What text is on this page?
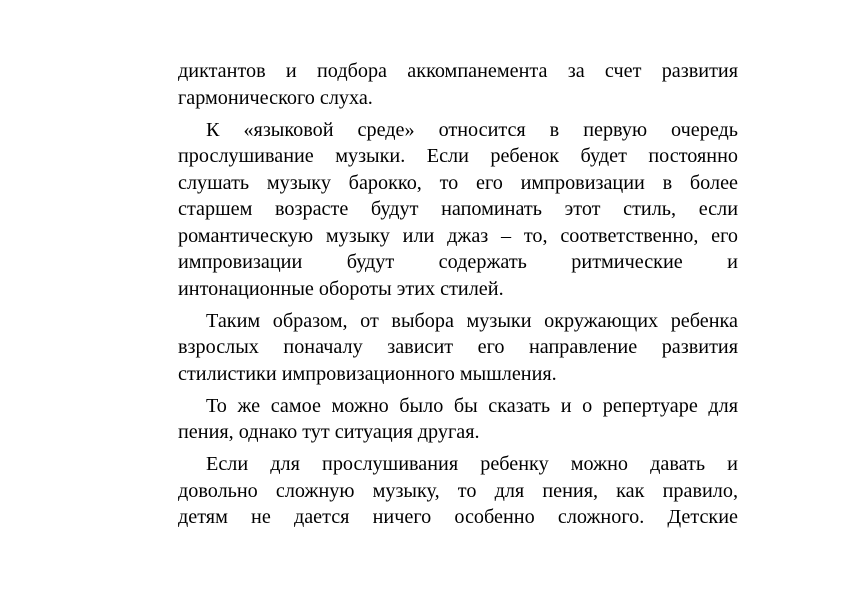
диктантов и подбора аккомпанемента за счет развития
гармонического слуха.

К «языковой среде» относится в первую очередь
прослушивание музыки. Если ребенок будет постоянно
слушать музыку барокко, то его импровизации в более
старшем возрасте будут напоминать этот стиль, если
романтическую музыку или джаз – то, соответственно, его
импровизации будут содержать ритмические и
интонационные обороты этих стилей.

Таким образом, от выбора музыки окружающих ребенка
взрослых поначалу зависит его направление развития
стилистики импровизационного мышления.

То же самое можно было бы сказать и о репертуаре для
пения, однако тут ситуация другая.

Если для прослушивания ребенку можно давать и
довольно сложную музыку, то для пения, как правило,
детям не дается ничего особенно сложного. Детские
